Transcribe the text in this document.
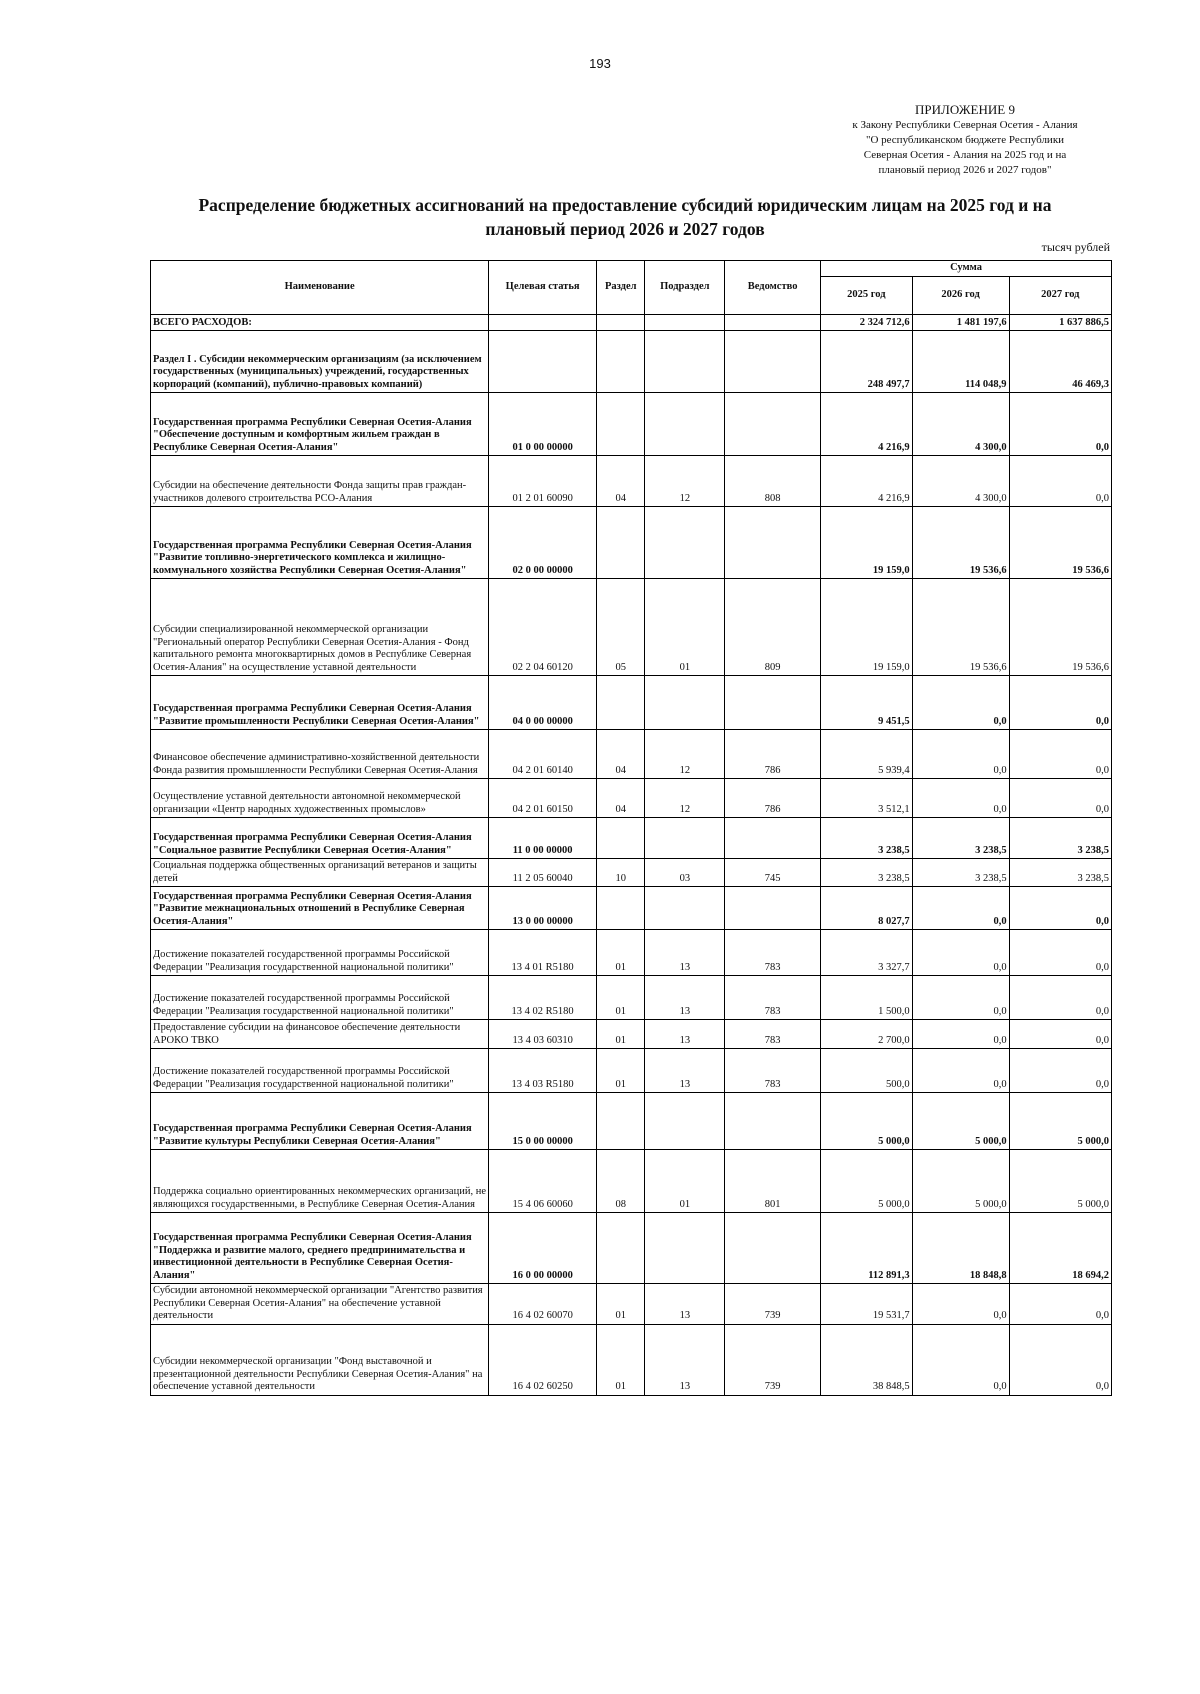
193
ПРИЛОЖЕНИЕ 9
к Закону Республики Северная Осетия - Алания
"О республиканском бюджете Республики
Северная Осетия - Алания на 2025 год и на
плановый период 2026 и 2027 годов"
Распределение бюджетных ассигнований на предоставление субсидий юридическим лицам на 2025 год и на
плановый период 2026 и 2027 годов
тысяч рублей
Наименование	Целевая статья	Раздел	Подраздел	Ведомство	Сумма		
					2025 год	2026 год	2027 год
ВСЕГО РАСХОДОВ:					2 324 712,6	1 481 197,6	1 637 886,5
Раздел I . Субсидии некоммерческим организациям (за исключением государственных (муниципальных) учреждений, государственных корпораций (компаний), публично-правовых компаний)					248 497,7	114 048,9	46 469,3
Государственная программа Республики Северная Осетия-Алания "Обеспечение доступным и комфортным жильем граждан в Республике Северная Осетия-Алания"	01 0 00 00000				4 216,9	4 300,0	0,0
Субсидии на обеспечение деятельности Фонда защиты прав граждан-участников долевого строительства РСО-Алания	01 2 01 60090	04	12	808	4 216,9	4 300,0	0,0
Государственная программа Республики Северная Осетия-Алания "Развитие топливно-энергетического комплекса и жилищно-коммунального хозяйства Республики Северная Осетия-Алания"	02 0 00 00000				19 159,0	19 536,6	19 536,6
Субсидии специализированной некоммерческой организации "Региональный оператор Республики Северная Осетия-Алания - Фонд капитального ремонта многоквартирных домов в Республике Северная Осетия-Алания" на осуществление уставной деятельности	02 2 04 60120	05	01	809	19 159,0	19 536,6	19 536,6
Государственная программа Республики Северная Осетия-Алания "Развитие промышленности Республики Северная Осетия-Алания"	04 0 00 00000				9 451,5	0,0	0,0
Финансовое обеспечение административно-хозяйственной деятельности Фонда развития промышленности Республики Северная Осетия-Алания	04 2 01 60140	04	12	786	5 939,4	0,0	0,0
Осуществление уставной деятельности автономной некоммерческой организации «Центр народных художественных промыслов»	04 2 01 60150	04	12	786	3 512,1	0,0	0,0
Государственная программа Республики Северная Осетия-Алания "Социальное развитие Республики Северная Осетия-Алания"	11 0 00 00000				3 238,5	3 238,5	3 238,5
Социальная поддержка общественных организаций ветеранов и защиты детей	11 2 05 60040	10	03	745	3 238,5	3 238,5	3 238,5
Государственная программа Республики Северная Осетия-Алания "Развитие межнациональных отношений в Республике Северная Осетия-Алания"	13 0 00 00000				8 027,7	0,0	0,0
Достижение показателей государственной программы Российской Федерации "Реализация государственной национальной политики"	13 4 01 R5180	01	13	783	3 327,7	0,0	0,0
Достижение показателей государственной программы Российской Федерации "Реализация государственной национальной политики"	13 4 02 R5180	01	13	783	1 500,0	0,0	0,0
Предоставление субсидии на финансовое обеспечение деятельности АРОКО ТВКО	13 4 03 60310	01	13	783	2 700,0	0,0	0,0
Достижение показателей государственной программы Российской Федерации "Реализация государственной национальной политики"	13 4 03 R5180	01	13	783	500,0	0,0	0,0
Государственная программа Республики Северная Осетия-Алания "Развитие культуры Республики Северная Осетия-Алания"	15 0 00 00000				5 000,0	5 000,0	5 000,0
Поддержка социально ориентированных некоммерческих организаций, не являющихся государственными, в Республике Северная Осетия-Алания	15 4 06 60060	08	01	801	5 000,0	5 000,0	5 000,0
Государственная программа Республики Северная Осетия-Алания "Поддержка и развитие малого, среднего предпринимательства и инвестиционной деятельности в Республике Северная Осетия-Алания"	16 0 00 00000				112 891,3	18 848,8	18 694,2
Субсидии автономной некоммерческой организации "Агентство развития Республики Северная Осетия-Алания" на обеспечение уставной деятельности	16 4 02 60070	01	13	739	19 531,7	0,0	0,0
Субсидии некоммерческой организации "Фонд выставочной и презентационной деятельности Республики Северная Осетия-Алания" на обеспечение уставной деятельности	16 4 02 60250	01	13	739	38 848,5	0,0	0,0
